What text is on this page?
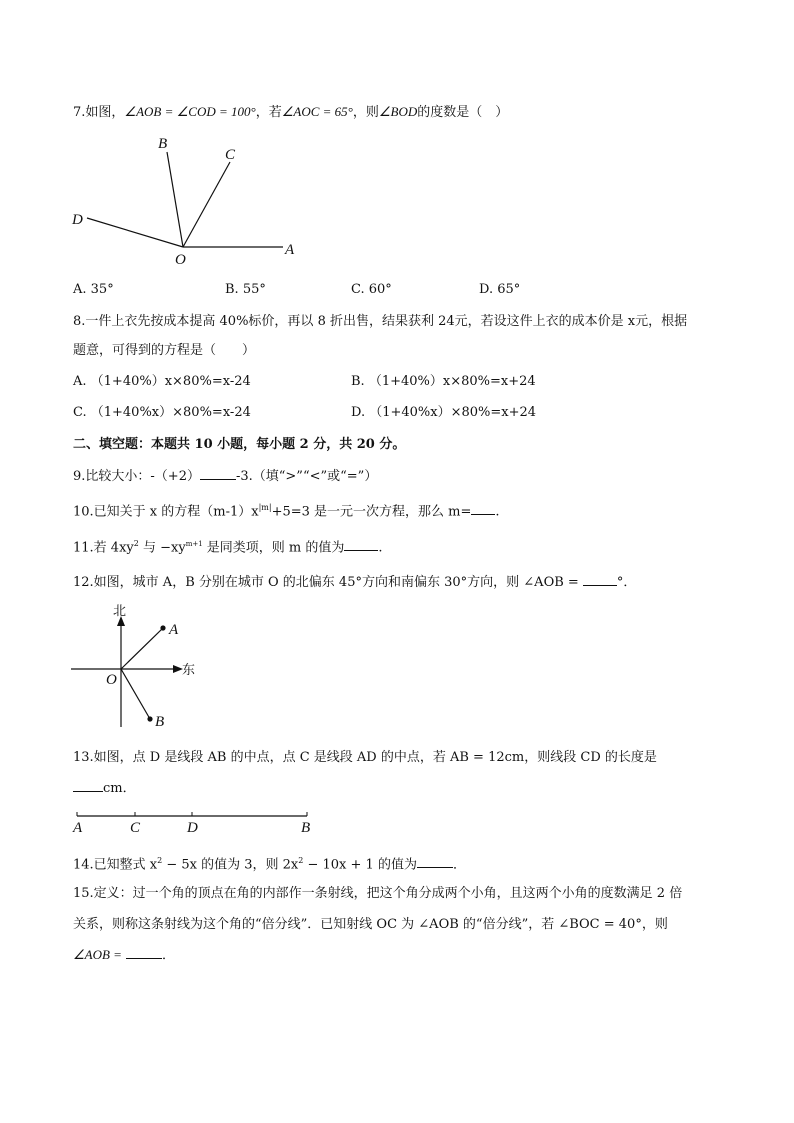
7.如图，∠AOB = ∠COD = 100°，若∠AOC = 65°，则∠BOD的度数是（　）
B
C
D
O
A
A. 35°	B. 55°	C. 60°	D. 65°
8.一件上衣先按成本提高 40%标价，再以 8 折出售，结果获利 24元，若设这件上衣的成本价是 x元，根据
题意，可得到的方程是（　　）
A. （1+40%）x×80%=x-24	B. （1+40%）x×80%=x+24
C. （1+40%x）×80%=x-24	D. （1+40%x）×80%=x+24
二、填空题：本题共 10 小题，每小题 2 分，共 20 分。
9.比较大小：-（+2）	-3.（填“>”“<”或“=”）
10.已知关于 x 的方程$(m-1)x^{|m|}+5=3$ 是一元一次方程，那么 m= .
11.若 $4xy^2$ 与 $-xy^{m+1}$ 是同类项，则 m 的值为	.
12.如图，城市 A，B 分别在城市 O 的北偏东 45°方向和南偏东 30°方向，则 ∠AOB =	°．
北
东
O
A
B
13.如图，点 D 是线段 AB 的中点，点 C 是线段 AD 的中点，若 AB = 12cm，则线段 CD 的长度是
cm．
A	C	D	B
14.已知整式 $x^2 - 5x$ 的值为 3，则 $2x^2 - 10x + 1$ 的值为	．
15.定义：过一个角的顶点在角的内部作一条射线，把这个角分成两个小角，且这两个小角的度数满足 2 倍
关系，则称这条射线为这个角的“倍分线”．已知射线 OC 为 ∠AOB 的“倍分线”，若 ∠BOC = 40°，则
∠AOB =	．
